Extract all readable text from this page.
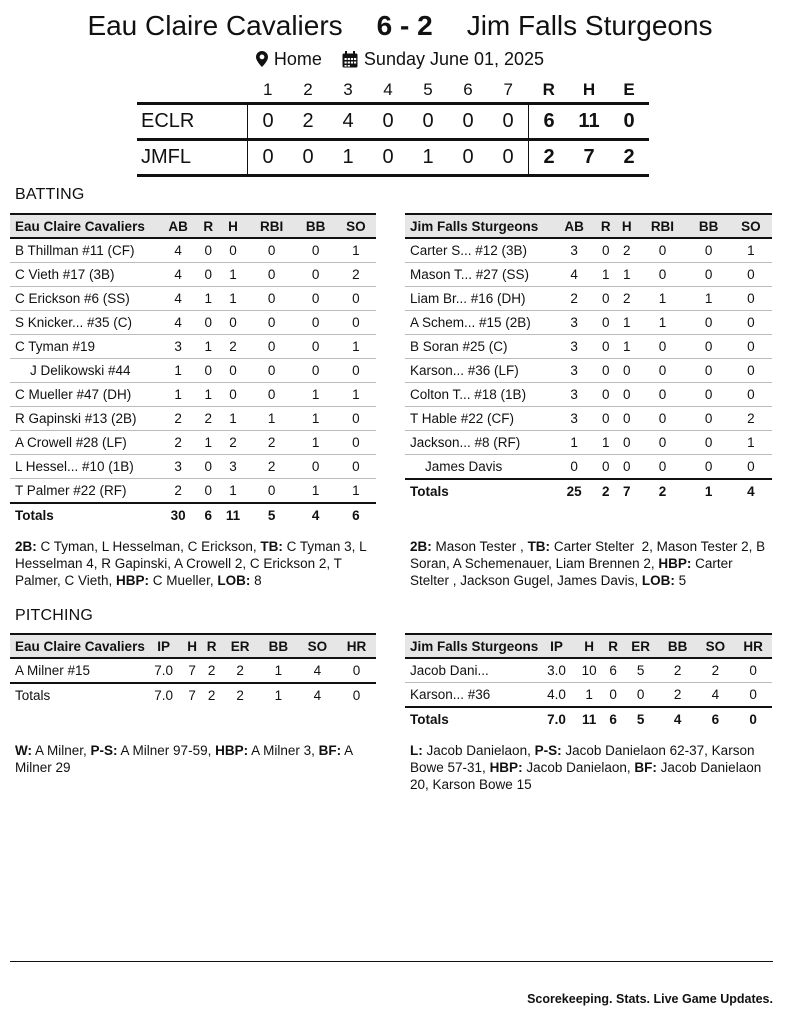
Eau Claire Cavaliers 6 - 2 Jim Falls Sturgeons
Home Sunday June 01, 2025
	1	2	3	4	5	6	7	R	H	E
ECLR	0	2	4	0	0	0	0	6	11	0
JMFL	0	0	1	0	1	0	0	2	7	2
BATTING
Eau Claire Cavaliers	AB	R	H	RBI	BB	SO
B Thillman #11 (CF)	4	0	0	0	0	1
C Vieth #17 (3B)	4	0	1	0	0	2
C Erickson #6 (SS)	4	1	1	0	0	0
S Knicker... #35 (C)	4	0	0	0	0	0
C Tyman #19	3	1	2	0	0	1
J Delikowski #44	1	0	0	0	0	0
C Mueller #47 (DH)	1	1	0	0	1	1
R Gapinski #13 (2B)	2	2	1	1	1	0
A Crowell #28 (LF)	2	1	2	2	1	0
L Hessel... #10 (1B)	3	0	3	2	0	0
T Palmer #22 (RF)	2	0	1	0	1	1
Totals	30	6	11	5	4	6
Jim Falls Sturgeons	AB	R	H	RBI	BB	SO
Carter S... #12 (3B)	3	0	2	0	0	1
Mason T... #27 (SS)	4	1	1	0	0	0
Liam Br... #16 (DH)	2	0	2	1	1	0
A Schem... #15 (2B)	3	0	1	1	0	0
B Soran #25 (C)	3	0	1	0	0	0
Karson... #36 (LF)	3	0	0	0	0	0
Colton T... #18 (1B)	3	0	0	0	0	0
T Hable #22 (CF)	3	0	0	0	0	2
Jackson... #8 (RF)	1	1	0	0	0	1
James Davis	0	0	0	0	0	0
Totals	25	2	7	2	1	4
2B: C Tyman, L Hesselman, C Erickson, TB: C Tyman 3, L Hesselman 4, R Gapinski, A Crowell 2, C Erickson 2, T Palmer, C Vieth, HBP: C Mueller, LOB: 8
2B: Mason Tester , TB: Carter Stelter  2, Mason Tester 2, B Soran, A Schemenauer, Liam Brennen 2, HBP: Carter Stelter , Jackson Gugel, James Davis, LOB: 5
PITCHING
Eau Claire Cavaliers	IP	H	R	ER	BB	SO	HR
A Milner #15	7.0	7	2	2	1	4	0
Totals	7.0	7	2	2	1	4	0
Jim Falls Sturgeons	IP	H	R	ER	BB	SO	HR
Jacob Dani...	3.0	10	6	5	2	2	0
Karson... #36	4.0	1	0	0	2	4	0
Totals	7.0	11	6	5	4	6	0
W: A Milner, P-S: A Milner 97-59, HBP: A Milner 3, BF: A Milner 29
L: Jacob Danielaon, P-S: Jacob Danielaon 62-37, Karson Bowe 57-31, HBP: Jacob Danielaon, BF: Jacob Danielaon 20, Karson Bowe 15
Scorekeeping. Stats. Live Game Updates.
